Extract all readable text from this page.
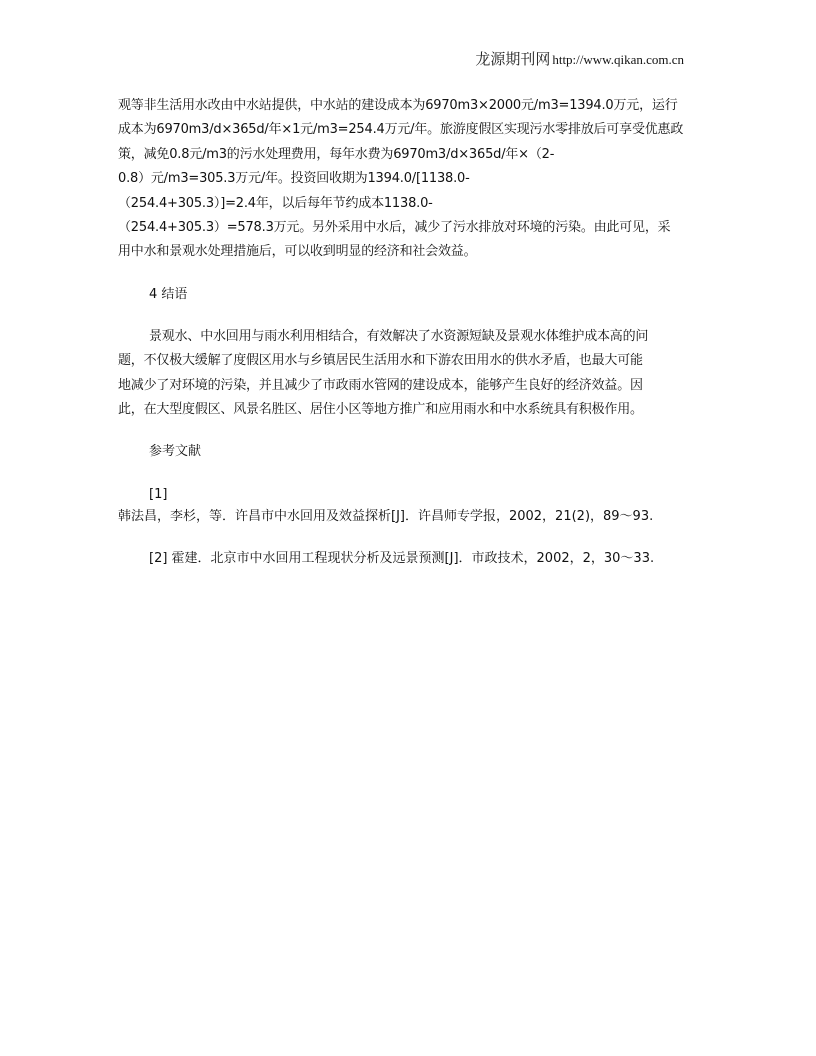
龙源期刊网 http://www.qikan.com.cn
观等非生活用水改由中水站提供，中水站的建设成本为6970m3×2000元/m3=1394.0万元，运行
成本为6970m3/d×365d/年×1元/m3=254.4万元/年。旅游度假区实现污水零排放后可享受优惠政
策，减免0.8元/m3的污水处理费用，每年水费为6970m3/d×365d/年×（2-
0.8）元/m3=305.3万元/年。投资回收期为1394.0/[1138.0-
（254.4+305.3）]=2.4年，以后每年节约成本1138.0-
（254.4+305.3）=578.3万元。另外采用中水后，减少了污水排放对环境的污染。由此可见，采
用中水和景观水处理措施后，可以收到明显的经济和社会效益。
4 结语
景观水、中水回用与雨水利用相结合，有效解决了水资源短缺及景观水体维护成本高的问
题，不仅极大缓解了度假区用水与乡镇居民生活用水和下游农田用水的供水矛盾，也最大可能
地减少了对环境的污染，并且减少了市政雨水管网的建设成本，能够产生良好的经济效益。因
此，在大型度假区、风景名胜区、居住小区等地方推广和应用雨水和中水系统具有积极作用。
参考文献
[1]
韩法昌，李杉，等．许昌市中水回用及效益探析[J]．许昌师专学报，2002，21(2)，89～93.
[2] 霍建．北京市中水回用工程现状分析及远景预测[J]．市政技术，2002，2，30～33.
